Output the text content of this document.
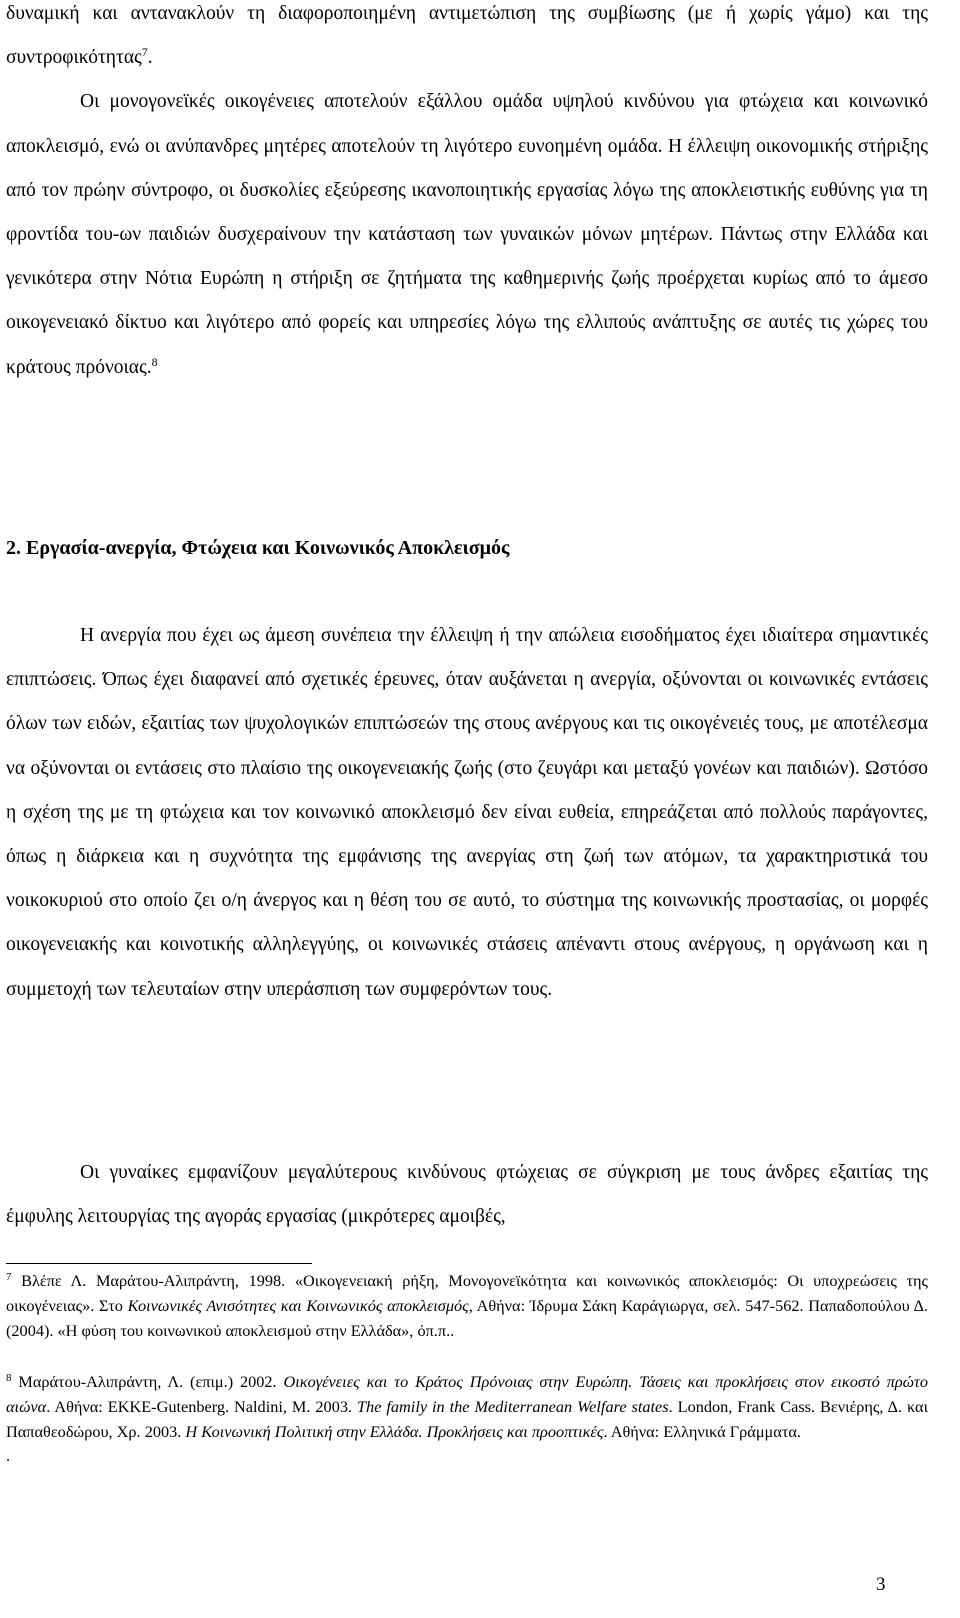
δυναμική και αντανακλούν τη διαφοροποιημένη αντιμετώπιση της συμβίωσης (με ή χωρίς γάμο) και της συντροφικότητας$^7$.
Οι μονογονεϊκές οικογένειες αποτελούν εξάλλου ομάδα υψηλού κινδύνου για φτώχεια και κοινωνικό αποκλεισμό, ενώ οι ανύπανδρες μητέρες αποτελούν τη λιγότερο ευνοημένη ομάδα. Η έλλειψη οικονομικής στήριξης από τον πρώην σύντροφο, οι δυσκολίες εξεύρεσης ικανοποιητικής εργασίας λόγω της αποκλειστικής ευθύνης για τη φροντίδα του-ων παιδιών δυσχεραίνουν την κατάσταση των γυναικών μόνων μητέρων. Πάντως στην Ελλάδα και γενικότερα στην Νότια Ευρώπη η στήριξη σε ζητήματα της καθημερινής ζωής προέρχεται κυρίως από το άμεσο οικογενειακό δίκτυο και λιγότερο από φορείς και υπηρεσίες λόγω της ελλιπούς ανάπτυξης σε αυτές τις χώρες του κράτους πρόνοιας.$^8$

2. Εργασία-ανεργία, Φτώχεια και Κοινωνικός Αποκλεισμός

Η ανεργία που έχει ως άμεση συνέπεια την έλλειψη ή την απώλεια εισοδήματος έχει ιδιαίτερα σημαντικές επιπτώσεις. Όπως έχει διαφανεί από σχετικές έρευνες, όταν αυξάνεται η ανεργία, οξύνονται οι κοινωνικές εντάσεις όλων των ειδών, εξαιτίας των ψυχολογικών επιπτώσεών της στους ανέργους και τις οικογένειές τους, με αποτέλεσμα να οξύνονται οι εντάσεις στο πλαίσιο της οικογενειακής ζωής (στο ζευγάρι και μεταξύ γονέων και παιδιών). Ωστόσο η σχέση της με τη φτώχεια και τον κοινωνικό αποκλεισμό δεν είναι ευθεία, επηρεάζεται από πολλούς παράγοντες, όπως η διάρκεια και η συχνότητα της εμφάνισης της ανεργίας στη ζωή των ατόμων, τα χαρακτηριστικά του νοικοκυριού στο οποίο ζει ο/η άνεργος και η θέση του σε αυτό, το σύστημα της κοινωνικής προστασίας, οι μορφές οικογενειακής και κοινοτικής αλληλεγγύης, οι κοινωνικές στάσεις απέναντι στους ανέργους, η οργάνωση και η συμμετοχή των τελευταίων στην υπεράσπιση των συμφερόντων τους.

Οι γυναίκες εμφανίζουν μεγαλύτερους κινδύνους φτώχειας σε σύγκριση με τους άνδρες εξαιτίας της έμφυλης λειτουργίας της αγοράς εργασίας (μικρότερες αμοιβές,

$^7$ Βλέπε Λ. Μαράτου-Αλιπράντη, 1998. «Οικογενειακή ρήξη, Μονογονεϊκότητα και κοινωνικός αποκλεισμός: Οι υποχρεώσεις της οικογένειας». Στο Κοινωνικές Ανισότητες και Κοινωνικός αποκλεισμός, Αθήνα: Ίδρυμα Σάκη Καράγιωργα, σελ. 547-562. Παπαδοπούλου Δ. (2004). «Η φύση του κοινωνικού αποκλεισμού στην Ελλάδα», όπ.π..

$^8$ Μαράτου-Αλιπράντη, Λ. (επιμ.) 2002. Οικογένειες και το Κράτος Πρόνοιας στην Ευρώπη. Τάσεις και προκλήσεις στον εικοστό πρώτο αιώνα. Αθήνα: ΕΚΚΕ-Gutenberg. Naldini, M. 2003. The family in the Mediterranean Welfare states. London, Frank Cass. Βενιέρης, Δ. και Παπαθεοδώρου, Χρ. 2003. Η Κοινωνική Πολιτική στην Ελλάδα. Προκλήσεις και προοπτικές. Αθήνα: Ελληνικά Γράμματα.

.

3
